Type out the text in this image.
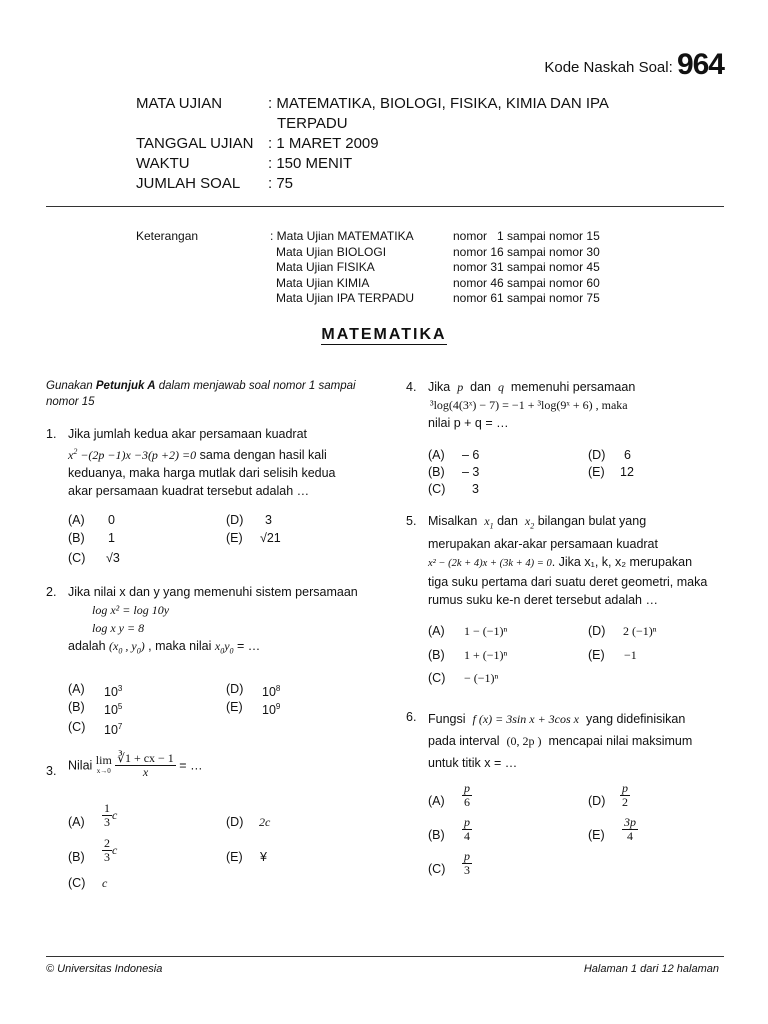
Kode Naskah Soal: 964
MATA UJIAN	: MATEMATIKA, BIOLOGI, FISIKA, KIMIA DAN IPA
	TERPADU
TANGGAL UJIAN	: 1 MARET 2009
WAKTU	: 150 MENIT
JUMLAH SOAL	: 75
Keterangan	: Mata Ujian MATEMATIKA	nomor   1 sampai nomor 15
	Mata Ujian BIOLOGI	nomor 16 sampai nomor 30
	Mata Ujian FISIKA	nomor 31 sampai nomor 45
	Mata Ujian KIMIA	nomor 46 sampai nomor 60
	Mata Ujian IPA TERPADU	nomor 61 sampai nomor 75
MATEMATIKA
Gunakan Petunjuk A dalam menjawab soal nomor 1 sampai nomor 15
1. Jika jumlah kedua akar persamaan kuadrat
$x^2 -(2p -1)x -3(p +2) =0$ sama dengan hasil kali
keduanya, maka harga mutlak dari selisih kedua
akar persamaan kuadrat tersebut adalah …
(A) 0
(B) 1
(C) √3
(D) 3
(E) √21
2. Jika nilai x dan y yang memenuhi sistem persamaan
log x² = log 10y
log x y = 8
adalah ($x_0$ , $y_0$) , maka nilai $x_0y_0$ = …
(A) $10^3$
(B) $10^5$
(C) $10^7$
(D) $10^8$
(E) $10^9$
3. Nilai lim
x→0
$\frac{∛1 + cx - 1}{x}$ = …
$(A) \frac{1}{3}$ c
$(B) \frac{2}{3}$ c
(C) c
(D) 2c
(E) ¥
4. Jika p dan q memenuhi persamaan
³log(4(3ˣ) − 7) = −1 + ³log(9ˣ + 6) , maka
nilai p + q = …
(A) – 6
(B) – 3
(C) 3
(D) 6
(E) 12
5. Misalkan $x_1$ dan $x_2$ bilangan bulat yang
merupakan akar-akar persamaan kuadrat
x² − (2k + 4)x + (3k + 4) = 0. Jika x₁, k, x₂ merupakan
tiga suku pertama dari suatu deret geometri, maka
rumus suku ke-n deret tersebut adalah …
(A) 1 − (−1)ⁿ
(B) 1 + (−1)ⁿ
(C) − (−1)ⁿ
(D) 2 (−1)ⁿ
(E) −1
6. Fungsi f (x) = 3sin x + 3cos x yang didefinisikan
pada interval (0, 2p ) mencapai nilai maksimum
untuk titik x = …
$(A) \frac{p}{6}$
$(B) \frac{p}{4}$
$(C) \frac{p}{3}$
$(D) \frac{p}{2}$
$(E) \frac{3p}{4}$
© Universitas Indonesia	Halaman 1 dari 12 halaman
